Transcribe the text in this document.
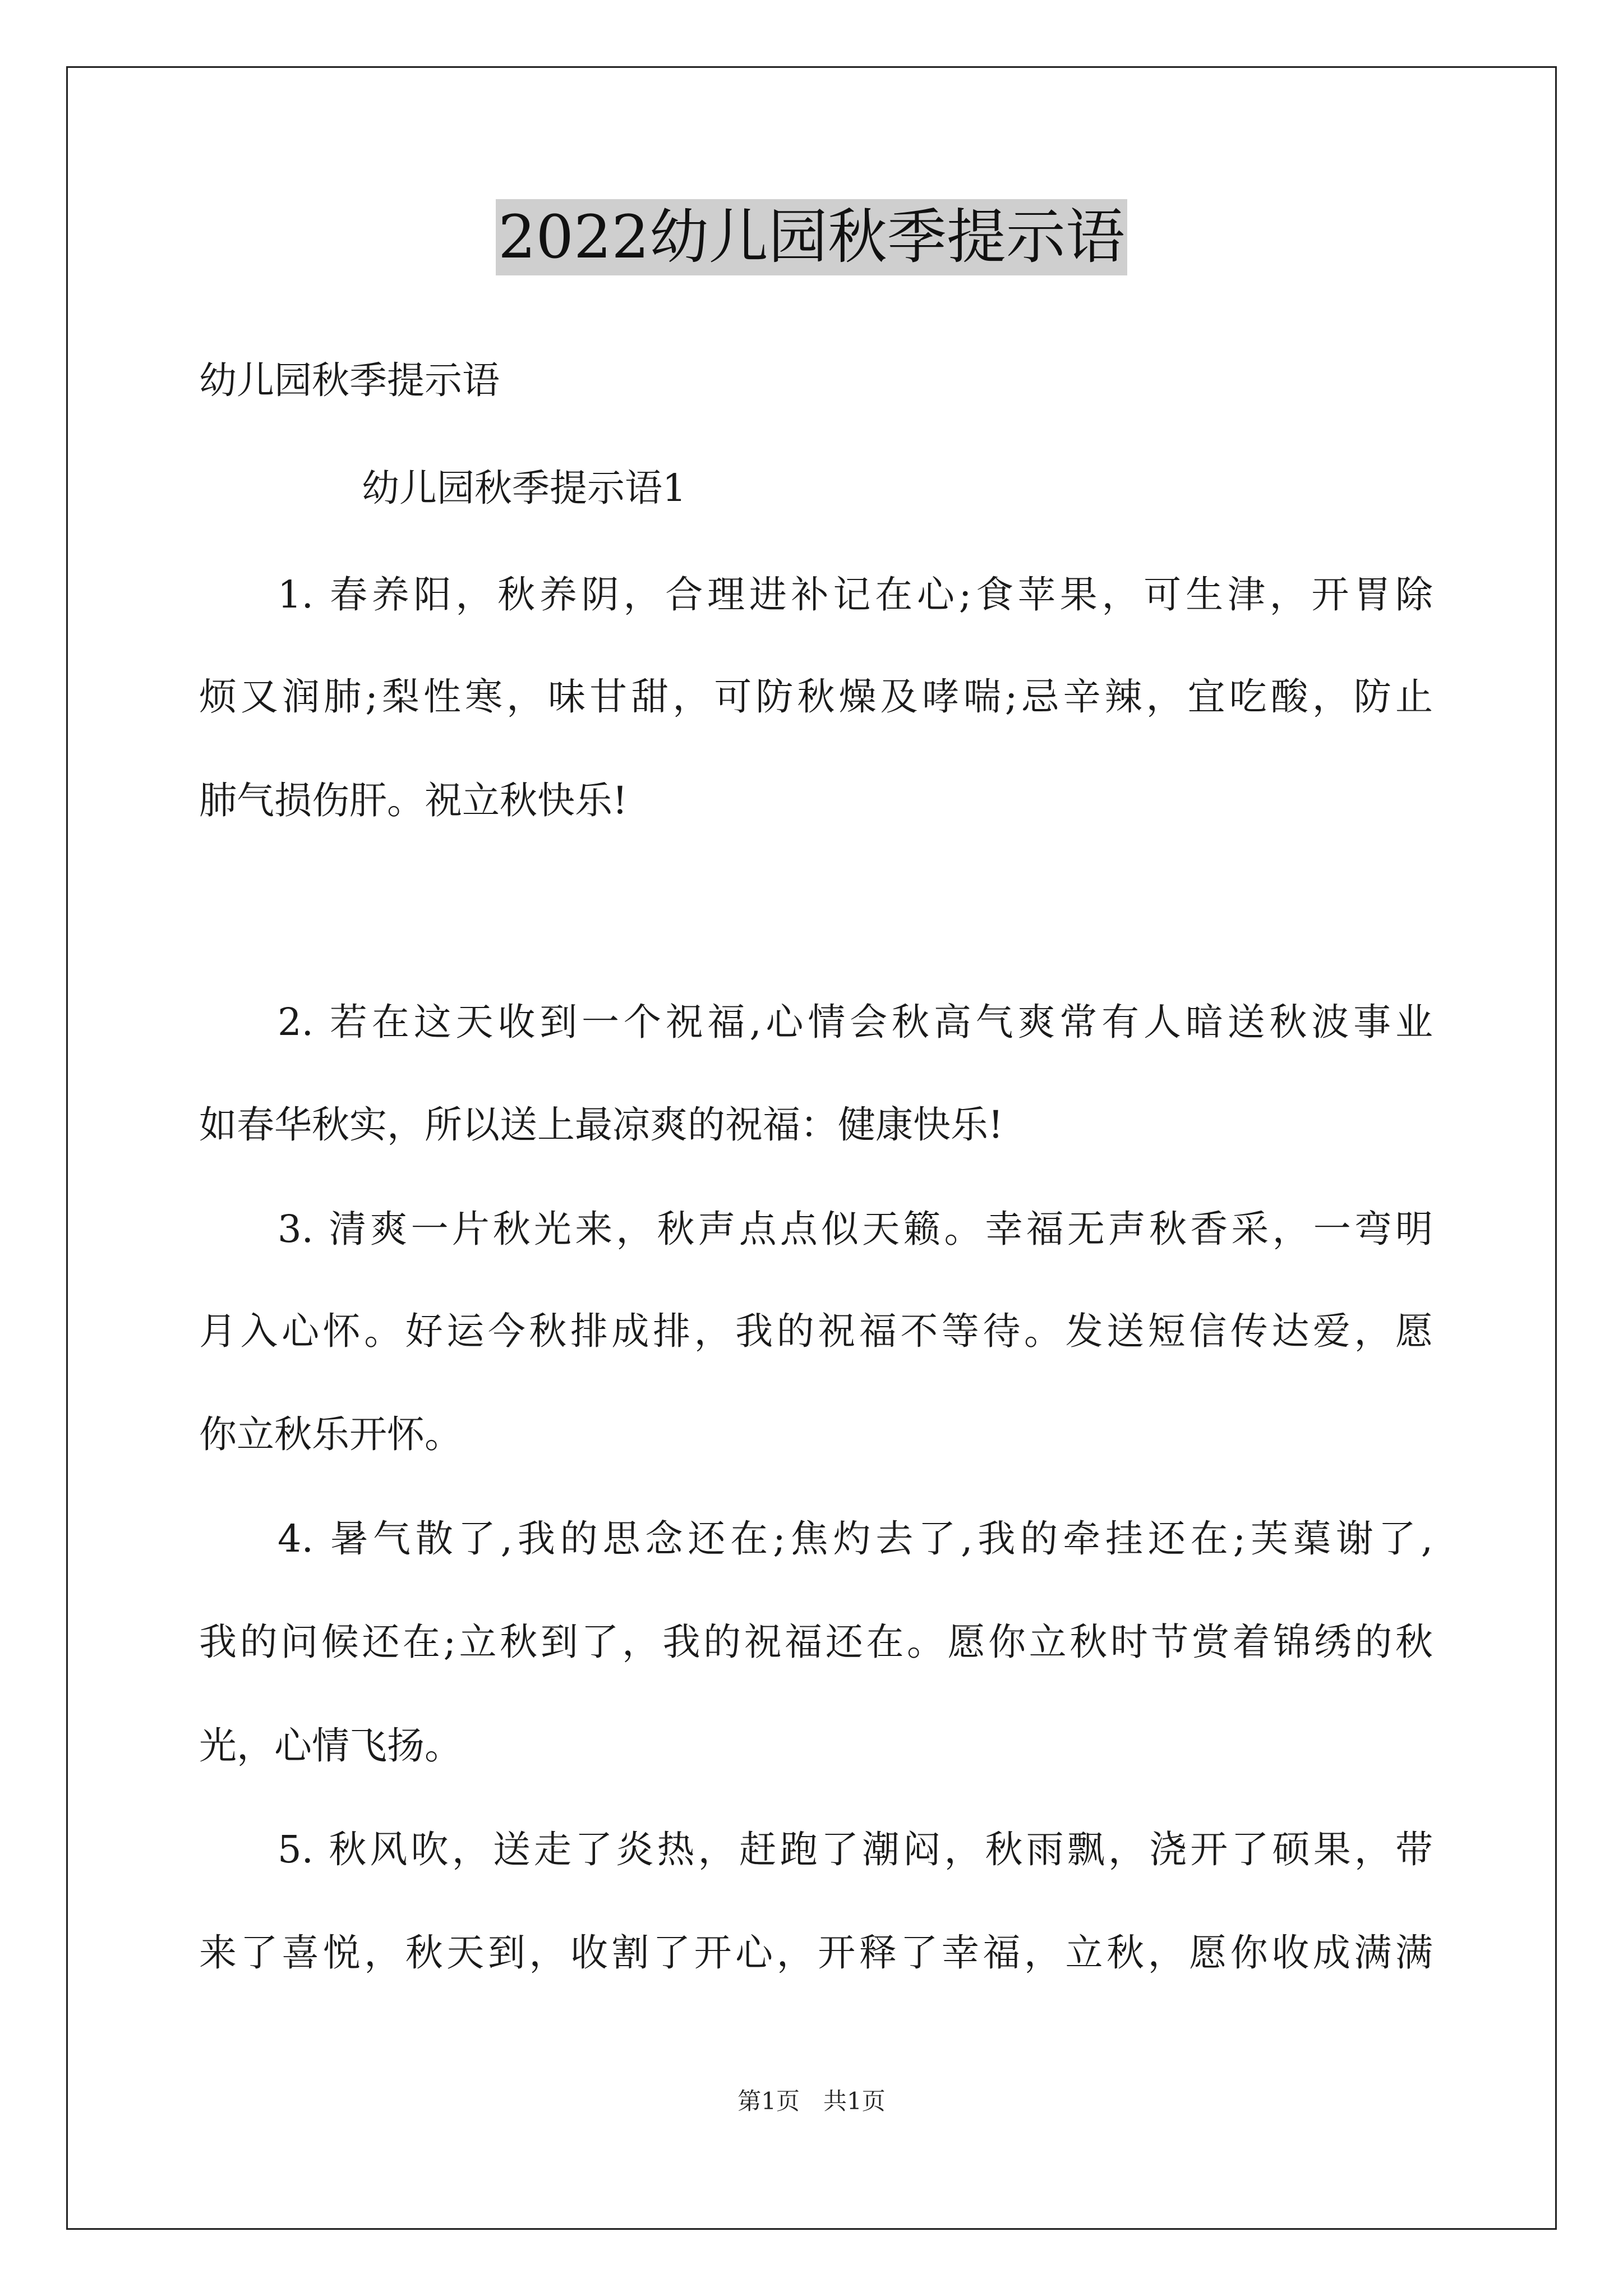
2022幼儿园秋季提示语
幼儿园秋季提示语
幼儿园秋季提示语1
1. 春养阳，秋养阴，合理进补记在心;食苹果，可生津，开胃除
烦又润肺;梨性寒，味甘甜，可防秋燥及哮喘;忌辛辣，宜吃酸，防止
肺气损伤肝。祝立秋快乐!
2. 若在这天收到一个祝福,心情会秋高气爽常有人暗送秋波事业
如春华秋实，所以送上最凉爽的祝福：健康快乐!
3. 清爽一片秋光来，秋声点点似天籁。幸福无声秋香采，一弯明
月入心怀。好运今秋排成排，我的祝福不等待。发送短信传达爱，愿
你立秋乐开怀。
4. 暑气散了,我的思念还在;焦灼去了,我的牵挂还在;芙蕖谢了,
我的问候还在;立秋到了，我的祝福还在。愿你立秋时节赏着锦绣的秋
光，心情飞扬。
5. 秋风吹，送走了炎热，赶跑了潮闷，秋雨飘，浇开了硕果，带
来了喜悦，秋天到，收割了开心，开释了幸福，立秋，愿你收成满满
第1页　共1页
